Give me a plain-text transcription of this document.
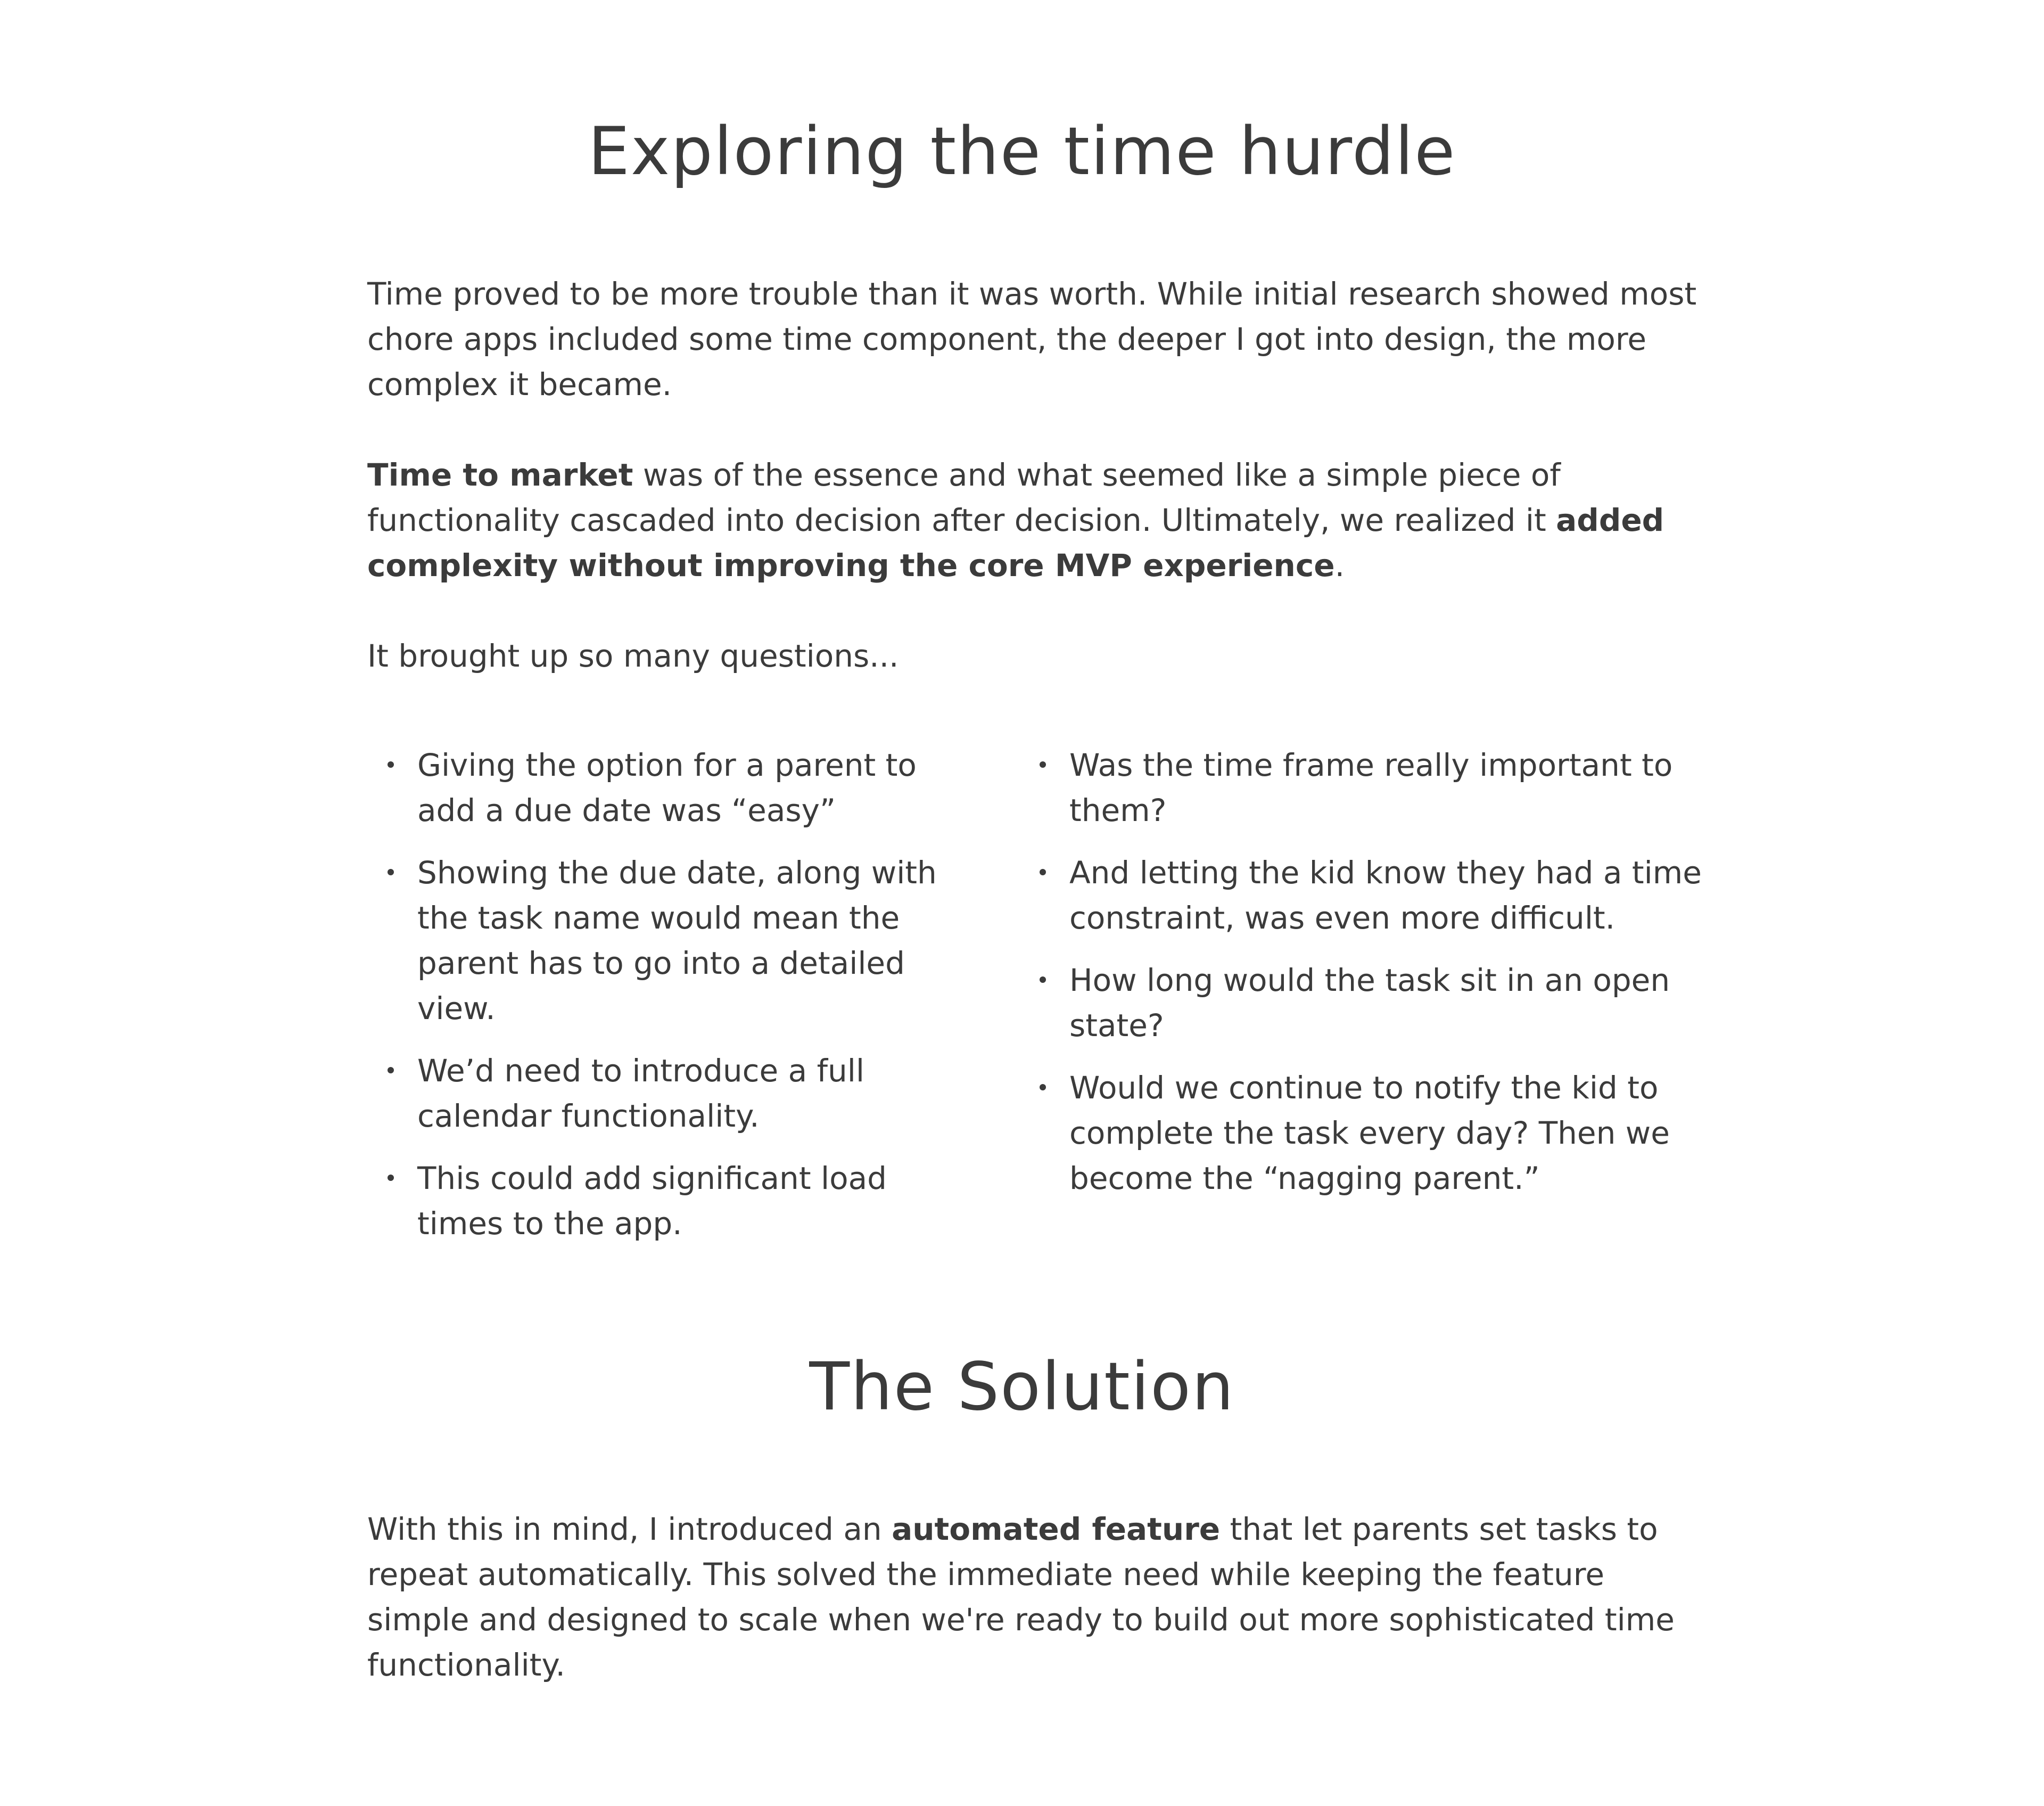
Exploring the time hurdle

Time proved to be more trouble than it was worth. While initial research showed most chore apps included some time component, the deeper I got into design, the more complex it became.

Time to market was of the essence and what seemed like a simple piece of functionality cascaded into decision after decision. Ultimately, we realized it added complexity without improving the core MVP experience.

It brought up so many questions...

Giving the option for a parent to add a due date was “easy”
Showing the due date, along with the task name would mean the parent has to go into a detailed view.
We’d need to introduce a full calendar functionality.
This could add significant load times to the app.
Was the time frame really important to them?
And letting the kid know they had a time constraint, was even more difficult.
How long would the task sit in an open state?
Would we continue to notify the kid to complete the task every day? Then we become the “nagging parent.”
The Solution

With this in mind, I introduced an automated feature that let parents set tasks to repeat automatically. This solved the immediate need while keeping the feature simple and designed to scale when we're ready to build out more sophisticated time functionality.
